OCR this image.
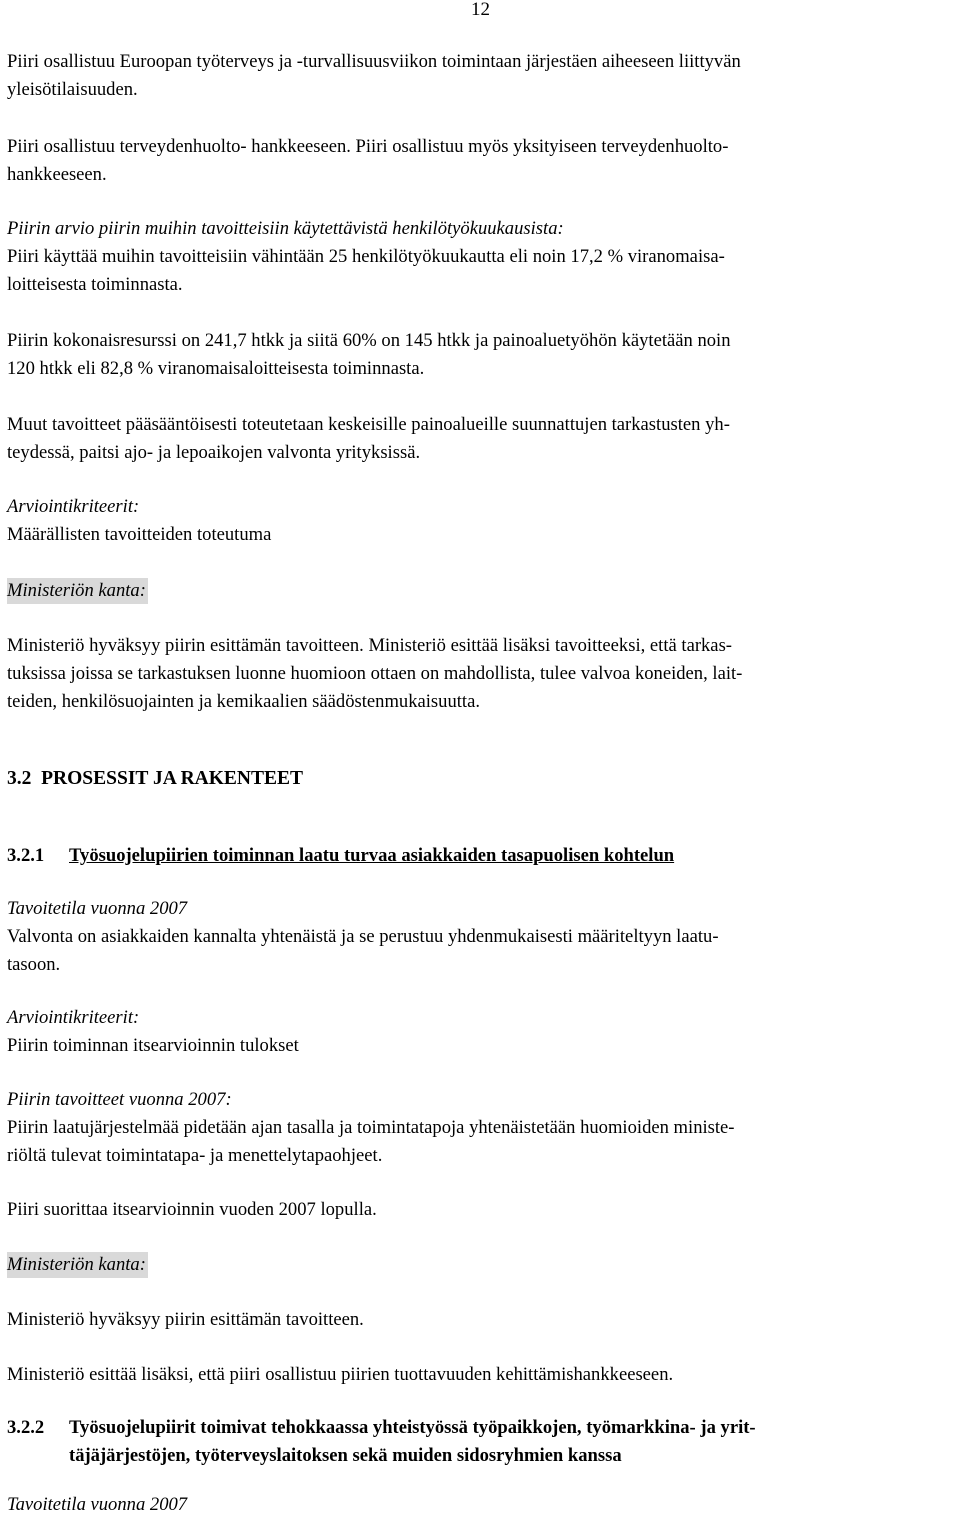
12

Piiri osallistuu Euroopan työterveys ja -turvallisuusviikon toimintaan järjestäen aiheeseen liittyvän

yleisötilaisuuden.

Piiri osallistuu terveydenhuolto- hankkeeseen. Piiri osallistuu myös yksityiseen terveydenhuolto-

hankkeeseen.

Piirin arvio piirin muihin tavoitteisiin käytettävistä henkilötyökuukausista:

Piiri käyttää muihin tavoitteisiin vähintään 25 henkilötyökuukautta eli noin 17,2 % viranomaisa-

loitteisesta toiminnasta.

Piirin kokonaisresurssi on 241,7 htkk ja siitä 60% on 145 htkk ja painoaluetyöhön käytetään noin

120 htkk eli 82,8 % viranomaisaloitteisesta toiminnasta.

Muut tavoitteet pääsääntöisesti toteutetaan keskeisille painoalueille suunnattujen tarkastusten yh-

teydessä, paitsi ajo- ja lepoaikojen valvonta yrityksissä.

Arviointikriteerit:

Määrällisten tavoitteiden toteutuma

Ministeriön kanta:

Ministeriö hyväksyy piirin esittämän tavoitteen. Ministeriö esittää lisäksi tavoitteeksi, että tarkas-

tuksissa joissa se tarkastuksen luonne huomioon ottaen on mahdollista, tulee valvoa koneiden, lait-

teiden, henkilösuojainten ja kemikaalien säädöstenmukaisuutta.

3.2 PROSESSIT JA RAKENTEET

3.2.1	Työsuojelupiirien toiminnan laatu turvaa asiakkaiden tasapuolisen kohtelun

Tavoitetila vuonna 2007

Valvonta on asiakkaiden kannalta yhtenäistä ja se perustuu yhdenmukaisesti määriteltyyn laatu-

tasoon.

Arviointikriteerit:

Piirin toiminnan itsearvioinnin tulokset

Piirin tavoitteet vuonna 2007:

Piirin laatujärjestelmää pidetään ajan tasalla ja toimintatapoja yhtenäistetään huomioiden ministe-

riöltä tulevat toimintatapa- ja menettelytapaohjeet.

Piiri suorittaa itsearvioinnin vuoden 2007 lopulla.

Ministeriön kanta:

Ministeriö hyväksyy piirin esittämän tavoitteen.

Ministeriö esittää lisäksi, että piiri osallistuu piirien tuottavuuden kehittämishankkeeseen.

3.2.2	Työsuojelupiirit toimivat tehokkaassa yhteistyössä työpaikkojen, työmarkkina- ja yrit-
täjäjärjestöjen, työterveyslaitoksen sekä muiden sidosryhmien kanssa

Tavoitetila vuonna 2007
